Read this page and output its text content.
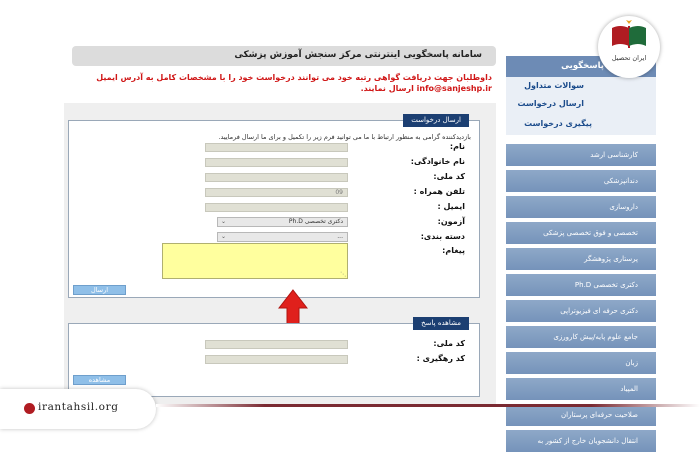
سامانه پاسخگویی اینترنتی مرکز سنجش آموزش پزشکی
داوطلبان جهت دریافت گواهی رتبه خود می توانند درخواست خود را با مشخصات کامل به آدرس ایمیل info@sanjeshp.ir ارسال نمایند.
ارسال درخواست
بازدیدکننده گرامی به منظور ارتباط با ما می توانید فرم زیر را تکمیل و برای ما ارسال فرمایید.
نام:
نام خانوادگی:
کد ملی:
تلفن همراه :
09
ایمیل :
آزمون:
دکتری تخصصی Ph.D
⌄
دسته بندی:
...
⌄
پیغام:
⋱
ارسال
مشاهده پاسخ
کد ملی:
کد رهگیری :
مشاهده
پاسخگویی
سوالات متداول
ارسال درخواست
پیگیری درخواست
کارشناسی ارشد
دندانپزشکی
داروسازی
تخصصی و فوق تخصصی پزشکی
پرستاری پژوهشگر
دکتری تخصصی Ph.D
دکتری حرفه ای فیزیوتراپی
جامع علوم پایه/پیش کارورزی
زبان
المپیاد
صلاحیت حرفه‌ای پرستاران
انتقال دانشجویان خارج از کشور به
ایران تحصیل
irantahsil.org
